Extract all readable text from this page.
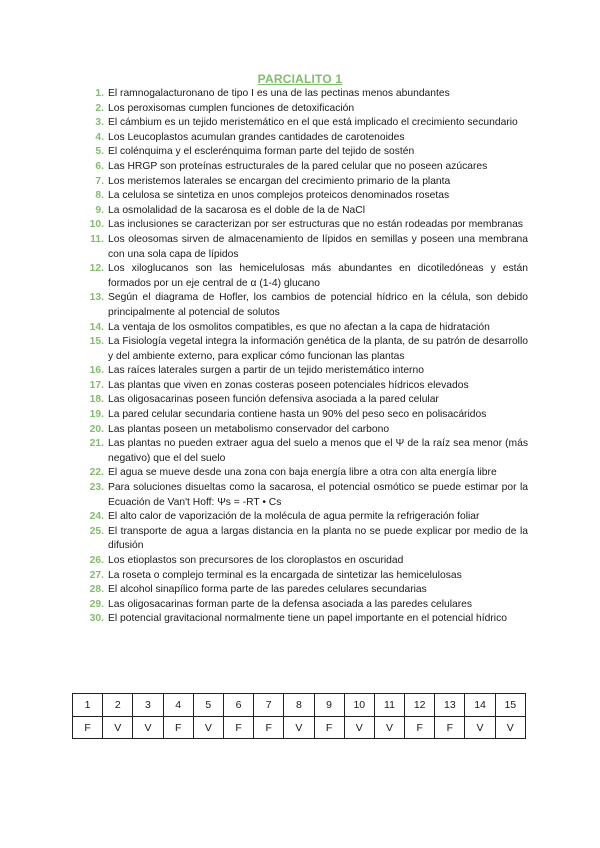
PARCIALITO 1
1. El ramnogalacturonano de tipo I es una de las pectinas menos abundantes
2. Los peroxisomas cumplen funciones de detoxificación
3. El cámbium es un tejido meristemático en el que está implicado el crecimiento secundario
4. Los Leucoplastos acumulan grandes cantidades de carotenoides
5. El colénquima y el esclerénquima forman parte del tejido de sostén
6. Las HRGP son proteínas estructurales de la pared celular que no poseen azúcares
7. Los meristemos laterales se encargan del crecimiento primario de la planta
8. La celulosa se sintetiza en unos complejos proteicos denominados rosetas
9. La osmolalidad de la sacarosa es el doble de la de NaCl
10. Las inclusiones se caracterizan por ser estructuras que no están rodeadas por membranas
11. Los oleosomas sirven de almacenamiento de lípidos en semillas y poseen una membrana con una sola capa de lípidos
12. Los xiloglucanos son las hemicelulosas más abundantes en dicotiledóneas y están formados por un eje central de α (1-4) glucano
13. Según el diagrama de Hofler, los cambios de potencial hídrico en la célula, son debido principalmente al potencial de solutos
14. La ventaja de los osmolitos compatibles, es que no afectan a la capa de hidratación
15. La Fisiología vegetal integra la información genética de la planta, de su patrón de desarrollo y del ambiente externo, para explicar cómo funcionan las plantas
16. Las raíces laterales surgen a partir de un tejido meristemático interno
17. Las plantas que viven en zonas costeras poseen potenciales hídricos elevados
18. Las oligosacarinas poseen función defensiva asociada a la pared celular
19. La pared celular secundaria contiene hasta un 90% del peso seco en polisacáridos
20. Las plantas poseen un metabolismo conservador del carbono
21. Las plantas no pueden extraer agua del suelo a menos que el Ψ de la raíz sea menor (más negativo) que el del suelo
22. El agua se mueve desde una zona con baja energía libre a otra con alta energía libre
23. Para soluciones disueltas como la sacarosa, el potencial osmótico se puede estimar por la Ecuación de Van't Hoff: Ψs = -RT • Cs
24. El alto calor de vaporización de la molécula de agua permite la refrigeración foliar
25. El transporte de agua a largas distancia en la planta no se puede explicar por medio de la difusión
26. Los etioplastos son precursores de los cloroplastos en oscuridad
27. La roseta o complejo terminal es la encargada de sintetizar las hemicelulosas
28. El alcohol sinapílico forma parte de las paredes celulares secundarias
29. Las oligosacarinas forman parte de la defensa asociada a las paredes celulares
30. El potencial gravitacional normalmente tiene un papel importante en el potencial hídrico
1	2	3	4	5	6	7	8	9	10	11	12	13	14	15
F	V	V	F	V	F	F	V	F	V	V	F	F	V	V
